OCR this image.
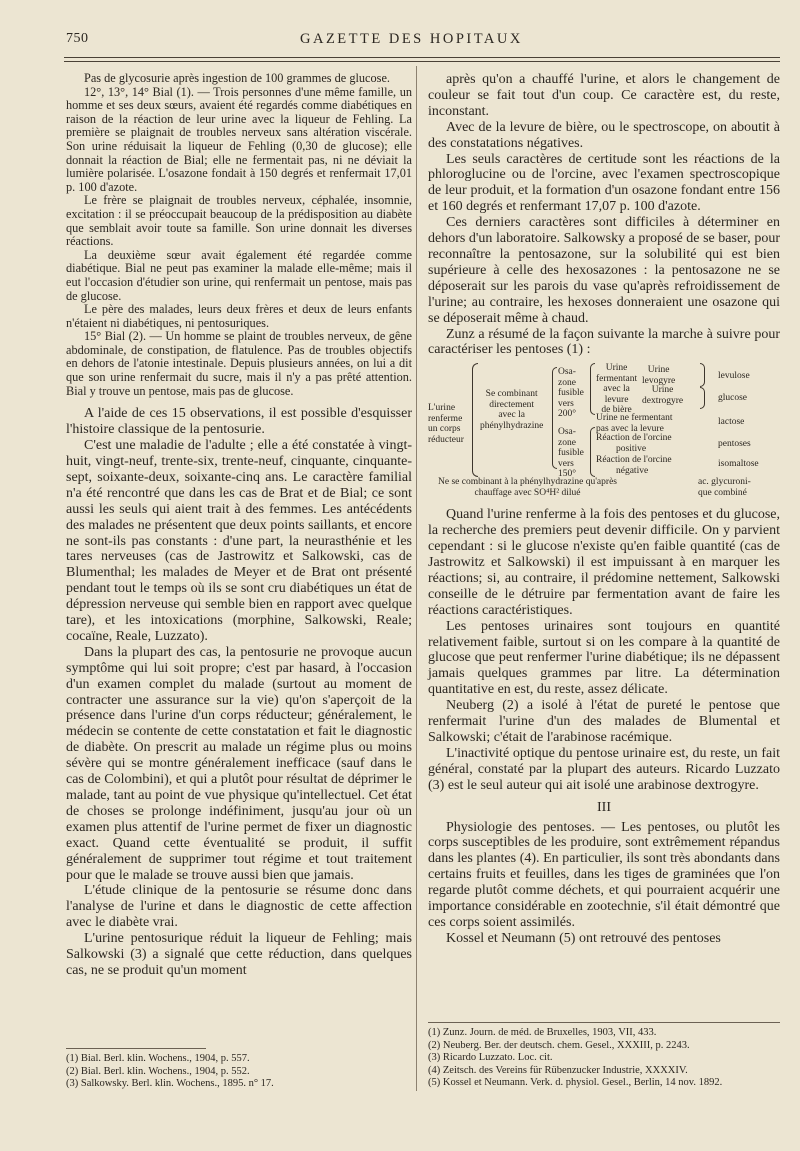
750	GAZETTE DES HOPITAUX

Pas de glycosurie après ingestion de 100 grammes de glucose.

12°, 13°, 14° Bial (1). — Trois personnes d'une même famille, un homme et ses deux sœurs, avaient été regardés comme diabétiques en raison de la réaction de leur urine avec la liqueur de Fehling. La première se plaignait de troubles nerveux sans altération viscérale. Son urine réduisait la liqueur de Fehling (0,30 de glucose); elle donnait la réaction de Bial; elle ne fermentait pas, ni ne déviait la lumière polarisée. L'osazone fondait à 150 degrés et renfermait 17,01 p. 100 d'azote.

Le frère se plaignait de troubles nerveux, céphalée, insomnie, excitation : il se préoccupait beaucoup de la prédisposition au diabète que semblait avoir toute sa famille. Son urine donnait les diverses réactions.

La deuxième sœur avait également été regardée comme diabétique. Bial ne peut pas examiner la malade elle-même; mais il eut l'occasion d'étudier son urine, qui renfermait un pentose, mais pas de glucose.

Le père des malades, leurs deux frères et deux de leurs enfants n'étaient ni diabétiques, ni pentosuriques.

15° Bial (2). — Un homme se plaint de troubles nerveux, de gêne abdominale, de constipation, de flatulence. Pas de troubles objectifs en dehors de l'atonie intestinale. Depuis plusieurs années, on lui a dit que son urine renfermait du sucre, mais il n'y a pas prêté attention. Bial y trouve un pentose, mais pas de glucose.

A l'aide de ces 15 observations, il est possible d'esquisser l'histoire classique de la pentosurie.

C'est une maladie de l'adulte ; elle a été constatée à vingt-huit, vingt-neuf, trente-six, trente-neuf, cinquante, cinquante-sept, soixante-deux, soixante-cinq ans. Le caractère familial n'a été rencontré que dans les cas de Brat et de Bial; ce sont aussi les seuls qui aient trait à des femmes. Les antécédents des malades ne présentent que deux points saillants, et encore ne sont-ils pas constants : d'une part, la neurasthénie et les tares nerveuses (cas de Jastrowitz et Salkowski, cas de Blumenthal; les malades de Meyer et de Brat ont présenté pendant tout le temps où ils se sont cru diabétiques un état de dépression nerveuse qui semble bien en rapport avec quelque tare), et les intoxications (morphine, Salkowski, Reale; cocaïne, Reale, Luzzato).

Dans la plupart des cas, la pentosurie ne provoque aucun symptôme qui lui soit propre; c'est par hasard, à l'occasion d'un examen complet du malade (surtout au moment de contracter une assurance sur la vie) qu'on s'aperçoit de la présence dans l'urine d'un corps réducteur; généralement, le médecin se contente de cette constatation et fait le diagnostic de diabète. On prescrit au malade un régime plus ou moins sévère qui se montre généralement inefficace (sauf dans le cas de Colombini), et qui a plutôt pour résultat de déprimer le malade, tant au point de vue physique qu'intellectuel. Cet état de choses se prolonge indéfiniment, jusqu'au jour où un examen plus attentif de l'urine permet de fixer un diagnostic exact. Quand cette éventualité se produit, il suffit généralement de supprimer tout régime et tout traitement pour que le malade se trouve aussi bien que jamais.

L'étude clinique de la pentosurie se résume donc dans l'analyse de l'urine et dans le diagnostic de cette affection avec le diabète vrai.

L'urine pentosurique réduit la liqueur de Fehling; mais Salkowski (3) a signalé que cette réduction, dans quelques cas, ne se produit qu'un moment

(1) Bial. Berl. klin. Wochens., 1904, p. 557.
(2) Bial. Berl. klin. Wochens., 1904, p. 552.
(3) Salkowsky. Berl. klin. Wochens., 1895. n° 17.

après qu'on a chauffé l'urine, et alors le changement de couleur se fait tout d'un coup. Ce caractère est, du reste, inconstant.

Avec de la levure de bière, ou le spectroscope, on aboutit à des constatations négatives.

Les seuls caractères de certitude sont les réactions de la phloroglucine ou de l'orcine, avec l'examen spectroscopique de leur produit, et la formation d'un osazone fondant entre 156 et 160 degrés et renfermant 17,07 p. 100 d'azote.

Ces derniers caractères sont difficiles à déterminer en dehors d'un laboratoire. Salkowsky a proposé de se baser, pour reconnaître la pentosazone, sur la solubilité qui est bien supérieure à celle des hexosazones : la pentosazone ne se déposerait sur les parois du vase qu'après refroidissement de l'urine; au contraire, les hexoses donneraient une osazone qui se déposerait même à chaud.

Zunz a résumé de la façon suivante la marche à suivre pour caractériser les pentoses (1) :

L'urine
renferme
un corps
réducteur
Se combinant
directement
avec la
phénylhydrazine
Osa-
zone
fusible
vers
200°
Urine
fermentant
avec la
levure
de bière
Urine
levogyre
Urine
dextrogyre
Urine ne fermentant
pas avec la levure
Osa-
zone
fusible
vers
150°
Réaction de l'orcine
positive
Réaction de l'orcine
négative
levulose
glucose
lactose
pentoses
isomaltose
Ne se combinant à la phénylhydrazine qu'après
chauffage avec SO⁴H² dilué
ac. glycuroni-
que combiné

Quand l'urine renferme à la fois des pentoses et du glucose, la recherche des premiers peut devenir difficile. On y parvient cependant : si le glucose n'existe qu'en faible quantité (cas de Jastrowitz et Salkowski) il est impuissant à en marquer les réactions; si, au contraire, il prédomine nettement, Salkowski conseille de le détruire par fermentation avant de faire les réactions caractéristiques.

Les pentoses urinaires sont toujours en quantité relativement faible, surtout si on les compare à la quantité de glucose que peut renfermer l'urine diabétique; ils ne dépassent jamais quelques grammes par litre. La détermination quantitative en est, du reste, assez délicate.

Neuberg (2) a isolé à l'état de pureté le pentose que renfermait l'urine d'un des malades de Blumental et Salkowski; c'était de l'arabinose racémique.

L'inactivité optique du pentose urinaire est, du reste, un fait général, constaté par la plupart des auteurs. Ricardo Luzzato (3) est le seul auteur qui ait isolé une arabinose dextrogyre.

III

Physiologie des pentoses. — Les pentoses, ou plutôt les corps susceptibles de les produire, sont extrêmement répandus dans les plantes (4). En particulier, ils sont très abondants dans certains fruits et feuilles, dans les tiges de graminées que l'on regarde plutôt comme déchets, et qui pourraient acquérir une importance considérable en zootechnie, s'il était démontré que ces corps soient assimilés.

Kossel et Neumann (5) ont retrouvé des pentoses

(1) Zunz. Journ. de méd. de Bruxelles, 1903, VII, 433.
(2) Neuberg. Ber. der deutsch. chem. Gesel., XXXIII, p. 2243.
(3) Ricardo Luzzato. Loc. cit.
(4) Zeitsch. des Vereins für Rübenzucker Industrie, XXXXIV.
(5) Kossel et Neumann. Verk. d. physiol. Gesel., Berlin, 14 nov. 1892.
